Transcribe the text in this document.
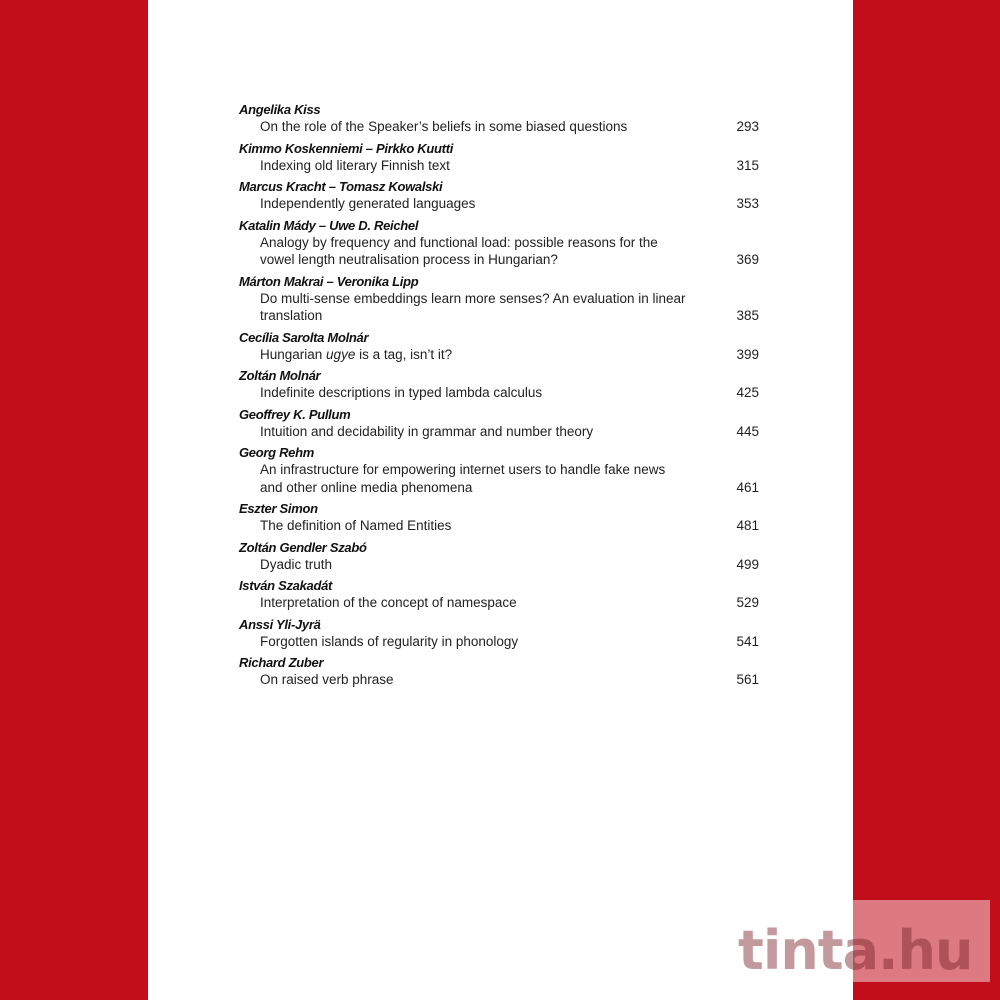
Angelika Kiss
On the role of the Speaker’s beliefs in some biased questions	293
Kimmo Koskenniemi – Pirkko Kuutti
Indexing old literary Finnish text	315
Marcus Kracht – Tomasz Kowalski
Independently generated languages	353
Katalin Mády – Uwe D. Reichel
Analogy by frequency and functional load: possible reasons for the vowel length neutralisation process in Hungarian?	369
Márton Makrai – Veronika Lipp
Do multi-sense embeddings learn more senses? An evaluation in linear translation	385
Cecília Sarolta Molnár
Hungarian ugye is a tag, isn’t it?	399
Zoltán Molnár
Indefinite descriptions in typed lambda calculus	425
Geoffrey K. Pullum
Intuition and decidability in grammar and number theory	445
Georg Rehm
An infrastructure for empowering internet users to handle fake news and other online media phenomena	461
Eszter Simon
The definition of Named Entities	481
Zoltán Gendler Szabó
Dyadic truth	499
István Szakadát
Interpretation of the concept of namespace	529
Anssi Yli-Jyrä
Forgotten islands of regularity in phonology	541
Richard Zuber
On raised verb phrase	561
tinta.hu
